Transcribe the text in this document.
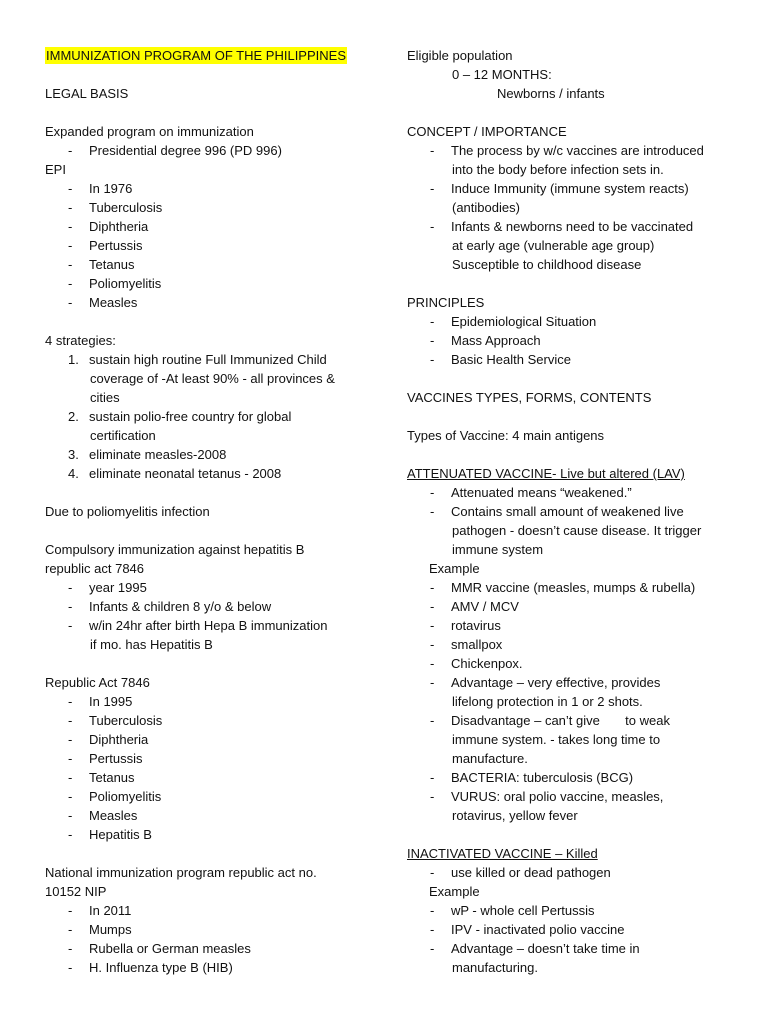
IMMUNIZATION PROGRAM OF THE PHILIPPINES
LEGAL BASIS
Expanded program on immunization
- Presidential degree 996 (PD 996)
EPI
- In 1976
- Tuberculosis
- Diphtheria
- Pertussis
- Tetanus
- Poliomyelitis
- Measles
4 strategies:
1. sustain high routine Full Immunized Child
coverage of -At least 90% - all provinces &
cities
2. sustain polio-free country for global
certification
3. eliminate measles-2008
4. eliminate neonatal tetanus - 2008
Due to poliomyelitis infection
Compulsory immunization against hepatitis B
republic act 7846
- year 1995
- Infants & children 8 y/o & below
- w/in 24hr after birth Hepa B immunization
if mo. has Hepatitis B
Republic Act 7846
- In 1995
- Tuberculosis
- Diphtheria
- Pertussis
- Tetanus
- Poliomyelitis
- Measles
- Hepatitis B
National immunization program republic act no.
10152 NIP
- In 2011
- Mumps
- Rubella or German measles
- H. Influenza type B (HIB)
Eligible population
0 – 12 MONTHS:
Newborns / infants
CONCEPT / IMPORTANCE
- The process by w/c vaccines are introduced
into the body before infection sets in.
- Induce Immunity (immune system reacts)
(antibodies)
- Infants & newborns need to be vaccinated
at early age (vulnerable age group)
Susceptible to childhood disease
PRINCIPLES
- Epidemiological Situation
- Mass Approach
- Basic Health Service
VACCINES TYPES, FORMS, CONTENTS
Types of Vaccine: 4 main antigens
ATTENUATED VACCINE- Live but altered (LAV)
- Attenuated means “weakened.”
- Contains small amount of weakened live
pathogen - doesn’t cause disease. It trigger
immune system
Example
- MMR vaccine (measles, mumps & rubella)
- AMV / MCV
- rotavirus
- smallpox
- Chickenpox.
- Advantage – very effective, provides
lifelong protection in 1 or 2 shots.
- Disadvantage – can’t give       to weak
immune system. - takes long time to
manufacture.
- BACTERIA: tuberculosis (BCG)
- VURUS: oral polio vaccine, measles,
rotavirus, yellow fever
INACTIVATED VACCINE – Killed
- use killed or dead pathogen
Example
- wP - whole cell Pertussis
- IPV - inactivated polio vaccine
- Advantage – doesn’t take time in
manufacturing.
